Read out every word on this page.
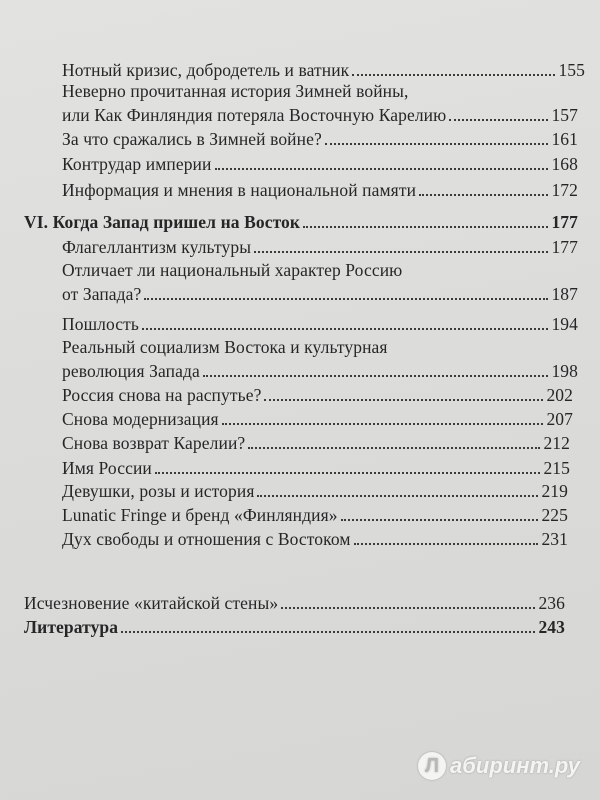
Нотный кризис, добродетель и ватник	155
Неверно прочитанная история Зимней войны,
или Как Финляндия потеряла Восточную Карелию	157
За что сражались в Зимней войне?	161
Контрудар империи	168
Информация и мнения в национальной памяти	172
VI. Когда Запад пришел на Восток	177
Флагеллантизм культуры	177
Отличает ли национальный характер Россию
от Запада?	187
Пошлость	194
Реальный социализм Востока и культурная
революция Запада	198
Россия снова на распутье?	202
Снова модернизация	207
Снова возврат Карелии?	212
Имя России	215
Девушки, розы и история	219
Lunatic Fringe и бренд «Финляндия»	225
Дух свободы и отношения с Востоком	231
Исчезновение «китайской стены»	236
Литература	243
Л абиринт.ру
